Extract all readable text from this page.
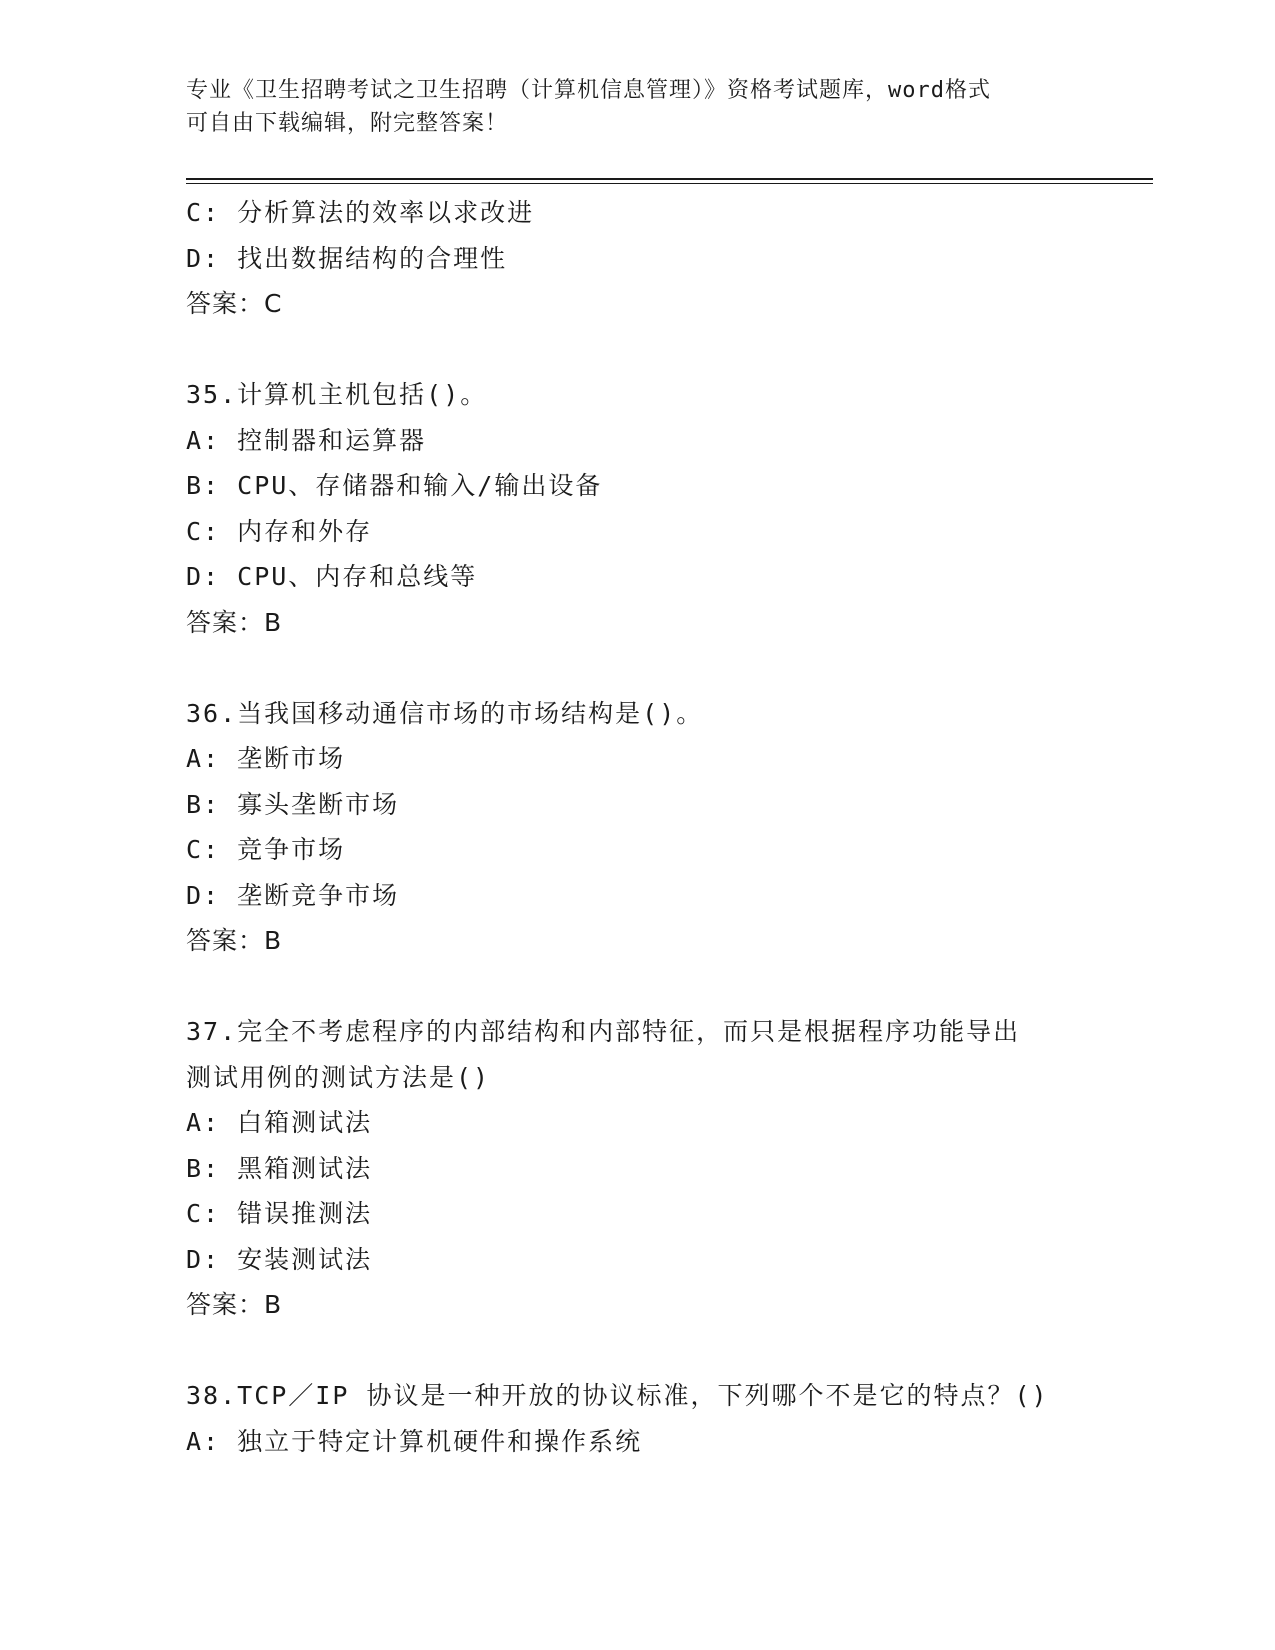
专业《卫生招聘考试之卫生招聘（计算机信息管理）》资格考试题库，word格式
可自由下载编辑，附完整答案！
C: 分析算法的效率以求改进
D: 找出数据结构的合理性
答案：C
35.计算机主机包括()。
A: 控制器和运算器
B: CPU、存储器和输入/输出设备
C: 内存和外存
D: CPU、内存和总线等
答案：B
36.当我国移动通信市场的市场结构是()。
A: 垄断市场
B: 寡头垄断市场
C: 竞争市场
D: 垄断竞争市场
答案：B
37.完全不考虑程序的内部结构和内部特征，而只是根据程序功能导出
测试用例的测试方法是()
A: 白箱测试法
B: 黑箱测试法
C: 错误推测法
D: 安装测试法
答案：B
38.TCP／IP 协议是一种开放的协议标准，下列哪个不是它的特点？()
A: 独立于特定计算机硬件和操作系统
